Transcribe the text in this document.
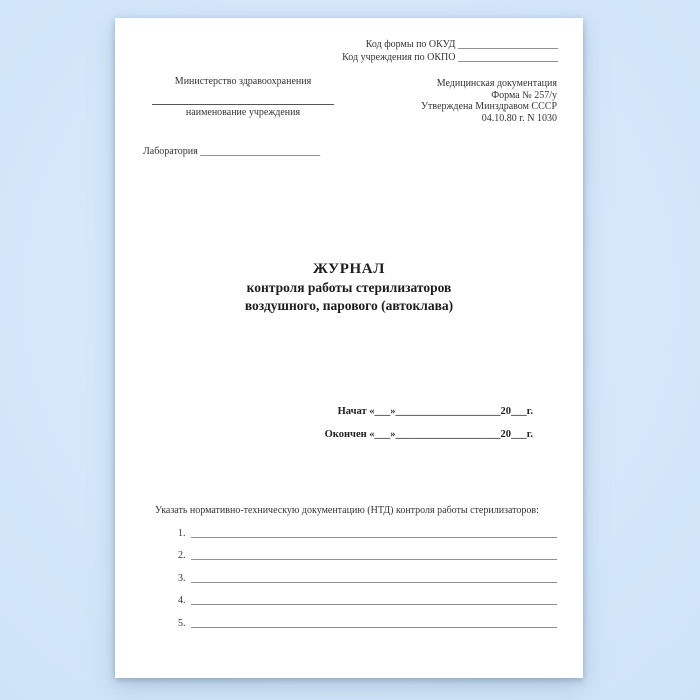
Код формы по ОКУД ____________________
Код учреждения по ОКПО ____________________
Министерство здравоохранения
наименование учреждения
Медицинская документация
Форма № 257/у
Утверждена Минздравом СССР
04.10.80 г. N 1030
Лаборатория ________________________
ЖУРНАЛ
контроля работы стерилизаторов
воздушного, парового (автоклава)
Начат «___»____________________20___г.
Окончен «___»____________________20___г.
Указать нормативно-техническую документацию (НТД) контроля работы стерилизаторов:
1.
2.
3.
4.
5.
